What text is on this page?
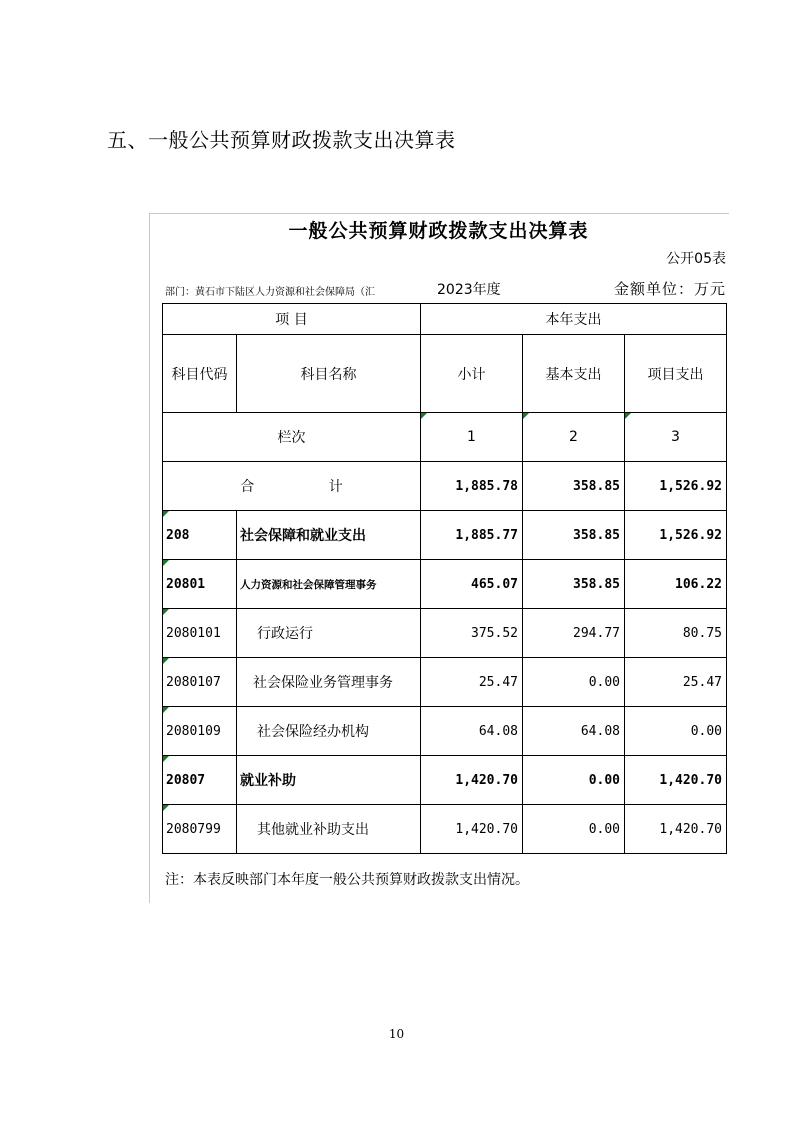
五、一般公共预算财政拨款支出决算表
一般公共预算财政拨款支出决算表
公开05表
部门：黄石市下陆区人力资源和社会保障局（汇	2023年度	金额单位：万元
项 目		本年支出		
科目代码	科目名称	小计	基本支出	项目支出
栏次		1	2	3
合 计		1,885.78	358.85	1,526.92
208	社会保障和就业支出	1,885.77	358.85	1,526.92
20801	人力资源和社会保障管理事务	465.07	358.85	106.22
2080101	行政运行	375.52	294.77	80.75
2080107	社会保险业务管理事务	25.47	0.00	25.47
2080109	社会保险经办机构	64.08	64.08	0.00
20807	就业补助	1,420.70	0.00	1,420.70
2080799	其他就业补助支出	1,420.70	0.00	1,420.70
注：本表反映部门本年度一般公共预算财政拨款支出情况。
10
